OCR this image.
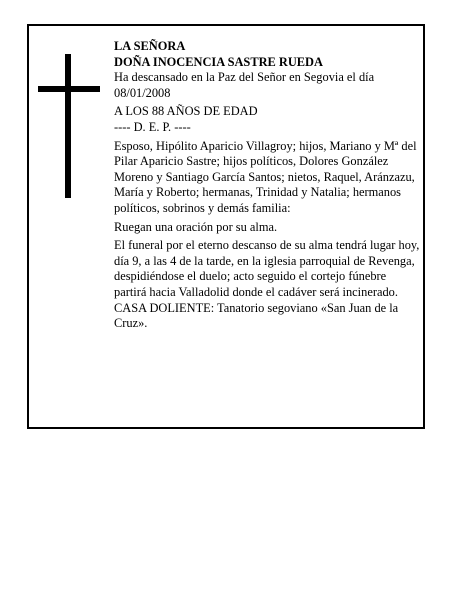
LA SEÑORA

DOÑA INOCENCIA SASTRE RUEDA

Ha descansado en la Paz del Señor en Segovia el día 08/01/2008

A LOS 88 AÑOS DE EDAD

---- D. E. P. ----

Esposo, Hipólito Aparicio Villagroy; hijos, Mariano y Mª del Pilar Aparicio Sastre; hijos políticos, Dolores González Moreno y Santiago García Santos; nietos, Raquel, Aránzazu, María y Roberto; hermanas, Trinidad y Natalia; hermanos políticos, sobrinos y demás familia:

Ruegan una oración por su alma.

El funeral por el eterno descanso de su alma tendrá lugar hoy, día 9, a las 4 de la tarde, en la iglesia parroquial de Revenga, despidiéndose el duelo; acto seguido el cortejo fúnebre partirá hacia Valladolid donde el cadáver será incinerado.

CASA DOLIENTE: Tanatorio segoviano «San Juan de la Cruz».
